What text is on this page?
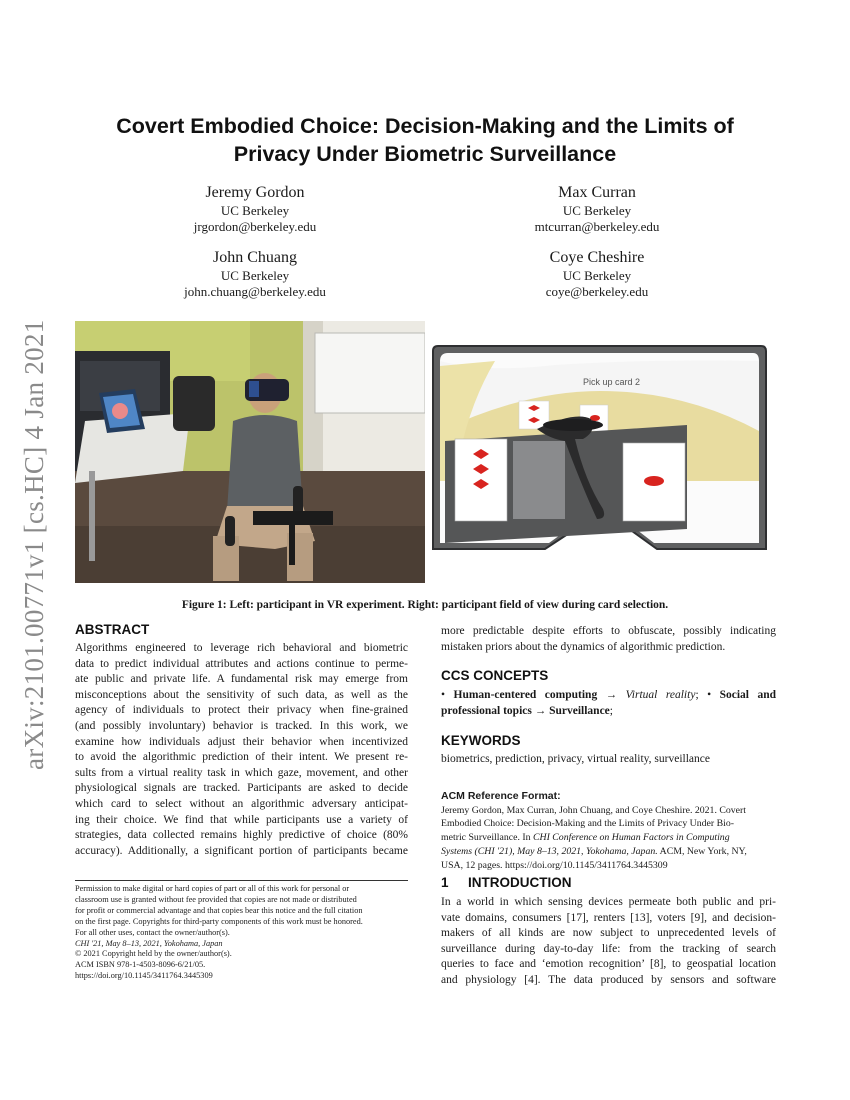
arXiv:2101.00771v1 [cs.HC] 4 Jan 2021
Covert Embodied Choice: Decision-Making and the Limits of
Privacy Under Biometric Surveillance
Jeremy Gordon
UC Berkeley
jrgordon@berkeley.edu
Max Curran
UC Berkeley
mtcurran@berkeley.edu
John Chuang
UC Berkeley
john.chuang@berkeley.edu
Coye Cheshire
UC Berkeley
coye@berkeley.edu
Pick up card 2
Figure 1: Left: participant in VR experiment. Right: participant field of view during card selection.
ABSTRACT
Algorithms engineered to leverage rich behavioral and biometric
data to predict individual attributes and actions continue to perme-
ate public and private life. A fundamental risk may emerge from
misconceptions about the sensitivity of such data, as well as the
agency of individuals to protect their privacy when fine-grained
(and possibly involuntary) behavior is tracked. In this work, we
examine how individuals adjust their behavior when incentivized
to avoid the algorithmic prediction of their intent. We present re-
sults from a virtual reality task in which gaze, movement, and other
physiological signals are tracked. Participants are asked to decide
which card to select without an algorithmic adversary anticipat-
ing their choice. We find that while participants use a variety of
strategies, data collected remains highly predictive of choice (80%
accuracy). Additionally, a significant portion of participants became
Permission to make digital or hard copies of part or all of this work for personal or
classroom use is granted without fee provided that copies are not made or distributed
for profit or commercial advantage and that copies bear this notice and the full citation
on the first page. Copyrights for third-party components of this work must be honored.
For all other uses, contact the owner/author(s).
CHI '21, May 8–13, 2021, Yokohama, Japan
© 2021 Copyright held by the owner/author(s).
ACM ISBN 978-1-4503-8096-6/21/05.
https://doi.org/10.1145/3411764.3445309
more predictable despite efforts to obfuscate, possibly indicating
mistaken priors about the dynamics of algorithmic prediction.
CCS CONCEPTS
• Human-centered computing → Virtual reality; • Social and
professional topics → Surveillance;
KEYWORDS
biometrics, prediction, privacy, virtual reality, surveillance
ACM Reference Format:
Jeremy Gordon, Max Curran, John Chuang, and Coye Cheshire. 2021. Covert
Embodied Choice: Decision-Making and the Limits of Privacy Under Bio-
metric Surveillance. In CHI Conference on Human Factors in Computing
Systems (CHI '21), May 8–13, 2021, Yokohama, Japan. ACM, New York, NY,
USA, 12 pages. https://doi.org/10.1145/3411764.3445309
1 INTRODUCTION
In a world in which sensing devices permeate both public and pri-
vate domains, consumers [17], renters [13], voters [9], and decision-
makers of all kinds are now subject to unprecedented levels of
surveillance during day-to-day life: from the tracking of search
queries to face and ‘emotion recognition’ [8], to geospatial location
and physiology [4]. The data produced by sensors and software
